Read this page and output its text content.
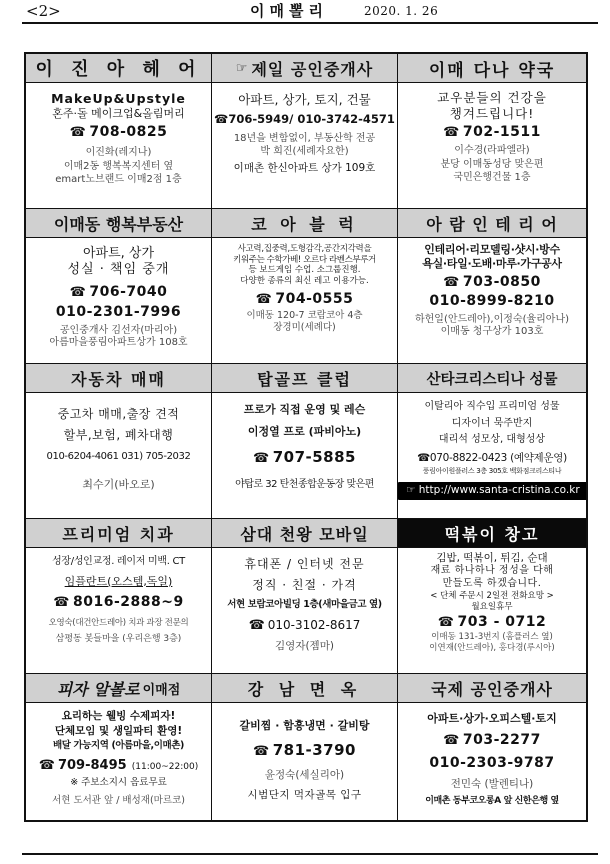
<2>	이매뽈리	2020. 1. 26
이 진 아 헤 어
MakeUp&Upstyle
혼주·돌 메이크업&올림머리
☎ 708-0825
이진화(레지나)
이매2동 행복복지센터 옆
emart노브랜드 이매2점 1층
☞ 제일 공인중개사
아파트, 상가, 토지, 건물
☎706-5949/ 010-3742-4571
18년을 변함없이, 부동산학 전공
박 희진(세례자요한)
이매촌 한신아파트 상가 109호
이매 다나 약국
교우분들의 건강을
챙겨드립니다!
☎ 702-1511
이수경(라파엘라)
분당 이매동성당 맞은편
국민은행건물 1층
이매동 행복부동산
아파트, 상가
성실 · 책임 중개
☎ 706-7040
010-2301-7996
공인중개사 김선자(마리아)
아름마을풍림아파트상가 108호
코 아 블 럭
사고력,집중력,도형감각,공간지각력을
키워주는 수학가베! 오르다 라벤스부루거
등 보드게임 수업. 소그룹진행.
다양한 종류의 최신 레고 이용가능.
☎ 704-0555
이매동 120-7 코람코아 4층
장경미(세례다)
아 람 인 테 리 어
인테리어·리모델링·샷시·방수
욕실·타일·도배·마루·가구공사
☎ 703-0850
010-8999-8210
하헌일(안드레아),이정숙(율리아나)
이매동 청구상가 103호
자동차 매매
중고차 매매,출장 견적
할부,보험, 폐차대행
010-6204-4061 031) 705-2032
최수기(바오로)
탑골프 클럽
프로가 직접 운영 및 레슨
이정열 프로 (파비아노)
☎ 707-5885
야탑로 32 탄천종합운동장 맞은편
산타크리스티나 성물
이탈리아 직수입 프리미엄 성물
디자이너 묵주반지
대리석 성모상, 대형성상
☎070-8822-0423 (예약제운영)
풍림아이원플러스 3층 305호 백화점크리스티나
☞ http://www.santa-cristina.co.kr
프리미엄 치과
성장/성인교정. 레이저 미백. CT
임플란트(오스템,독일)
☎ 8016-2888~9
오영숙(대건안드레아) 치과 과장 전문의
삼평동 봇들마을 (우리은행 3층)
삼대 천왕 모바일
휴대폰 / 인터넷 전문
정직 · 친절 · 가격
서현 보람코아빌딩 1층(새마을금고 옆)
☎ 010-3102-8617
김영자(젬마)
떡볶이 창고
김밥, 떡볶이, 튀김, 순대
재료 하나하나 정성을 다해
만들도록 하겠습니다.
< 단체 주문시 2일전 전화요망 >
월요일휴무
☎ 703 - 0712
이매동 131-3번지 (홈플러스 옆)
이연재(안드레아), 홍다경(루시아)
피자 알볼로 이매점
요리하는 웰빙 수제피자!
단체모임 및 생일파티 환영!
배달 가능지역 (아름마을,이매촌)
☎ 709-8495 (11:00~22:00)
※ 주보소지시 음료무료
서현 도서관 앞 / 배성재(마르코)
강 남 면 옥
갈비찜 · 함흥냉면 · 갈비탕
☎ 781-3790
윤정숙(세실리아)
시범단지 먹자골목 입구
국제 공인중개사
아파트·상가·오피스텔·토지
☎ 703-2277
010-2303-9787
전민숙 (발렌티나)
이매촌 동부코오롱A 앞 신한은행 옆
